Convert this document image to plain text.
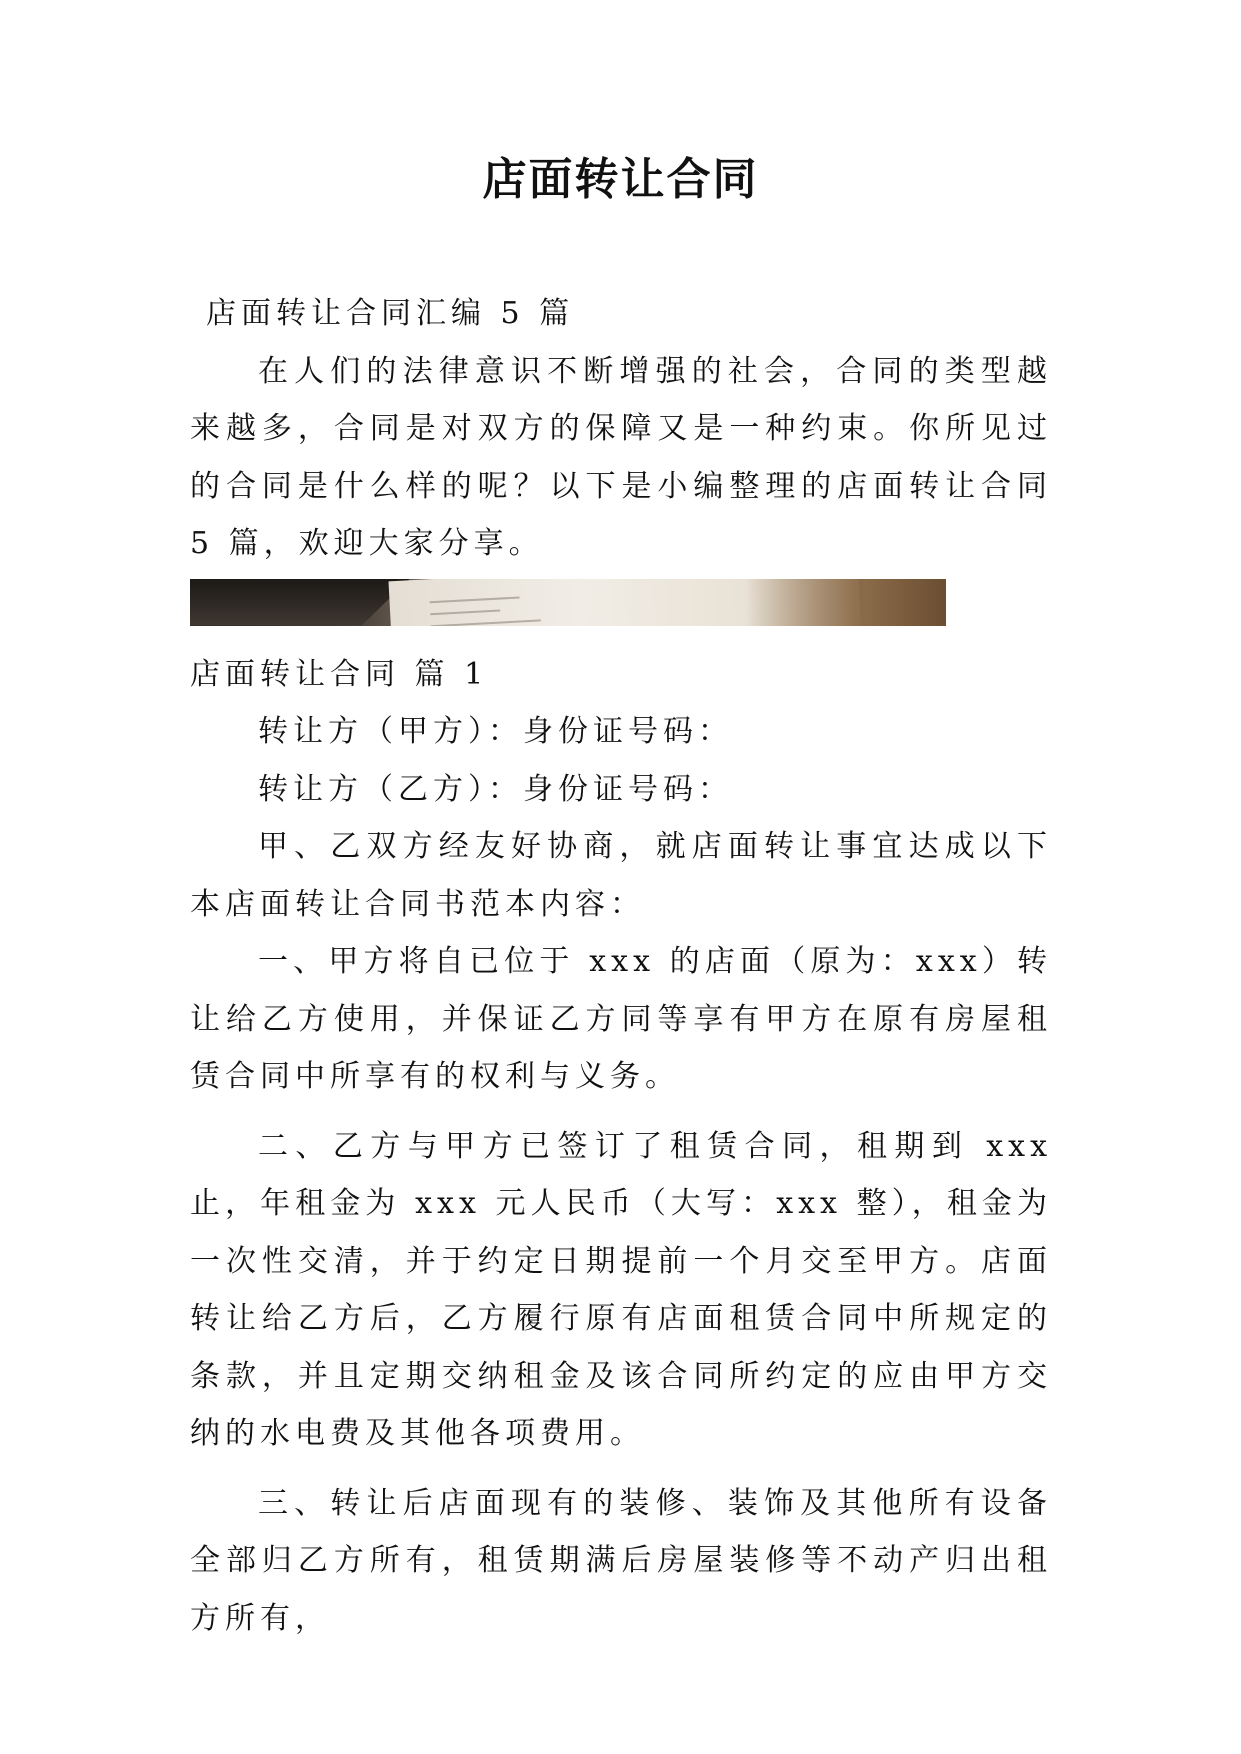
店面转让合同

店面转让合同汇编 5 篇

在人们的法律意识不断增强的社会，合同的类型越来越多，合同是对双方的保障又是一种约束。你所见过的合同是什么样的呢？以下是小编整理的店面转让合同 5 篇，欢迎大家分享。

店面转让合同 篇 1

转让方（甲方）：身份证号码：

转让方（乙方）：身份证号码：

甲、乙双方经友好协商，就店面转让事宜达成以下本店面转让合同书范本内容：

一、甲方将自已位于 xxx 的店面（原为：xxx）转让给乙方使用，并保证乙方同等享有甲方在原有房屋租赁合同中所享有的权利与义务。

二、乙方与甲方已签订了租赁合同，租期到 xxx 止，年租金为 xxx 元人民币（大写：xxx 整），租金为一次性交清，并于约定日期提前一个月交至甲方。店面转让给乙方后，乙方履行原有店面租赁合同中所规定的条款，并且定期交纳租金及该合同所约定的应由甲方交纳的水电费及其他各项费用。

三、转让后店面现有的装修、装饰及其他所有设备全部归乙方所有，租赁期满后房屋装修等不动产归出租方所有，
